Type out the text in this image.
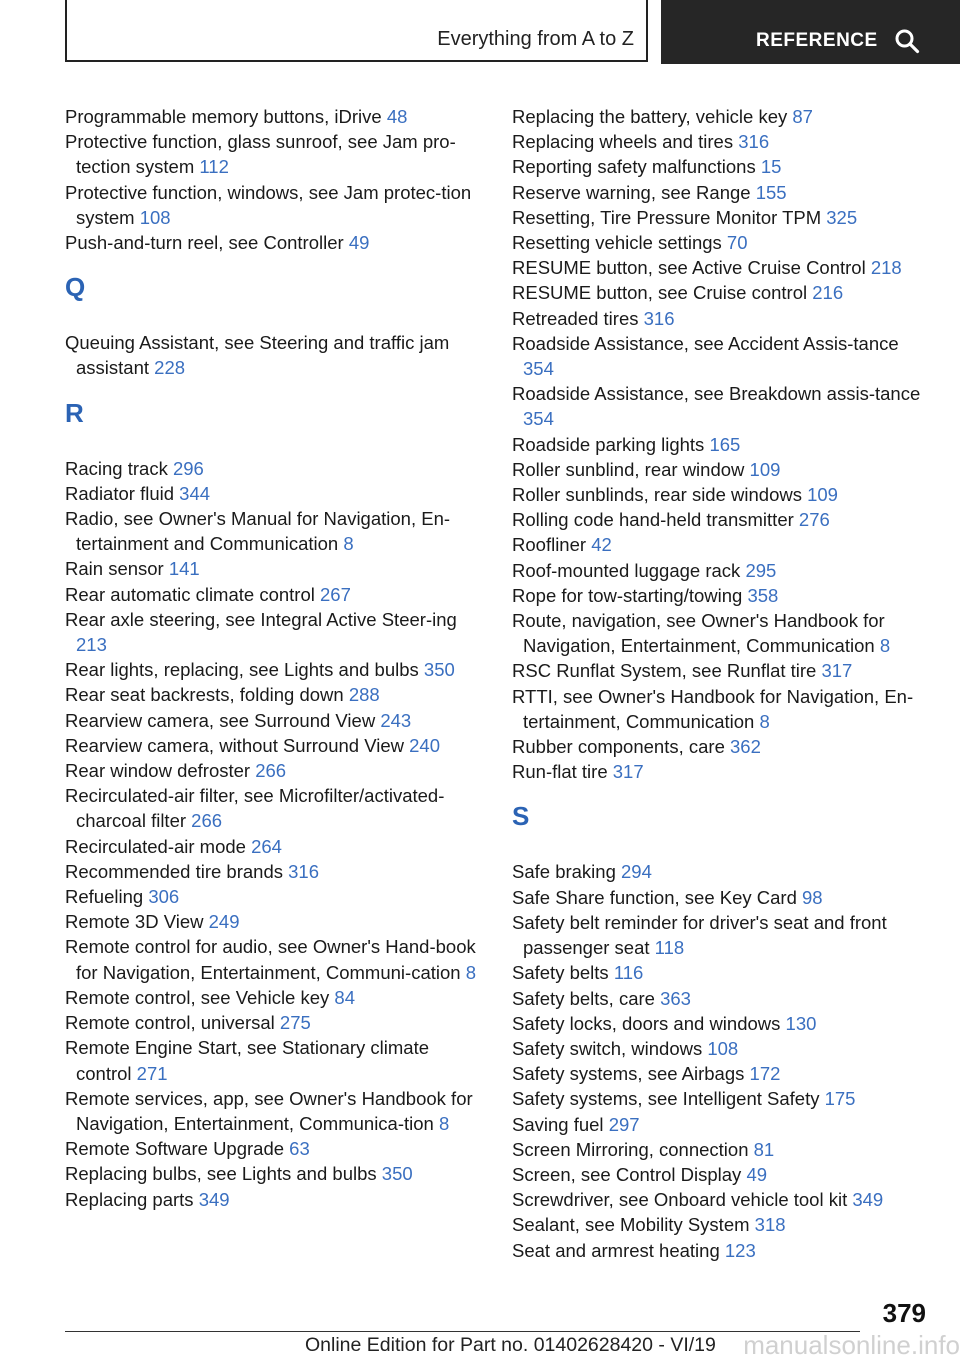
Everything from A to Z	REFERENCE
Programmable memory buttons, iDrive 48
Protective function, glass sunroof, see Jam pro-tection system 112
Protective function, windows, see Jam protec-tion system 108
Push-and-turn reel, see Controller 49
Q
Queuing Assistant, see Steering and traffic jam assistant 228
R
Racing track 296
Radiator fluid 344
Radio, see Owner's Manual for Navigation, En-tertainment and Communication 8
Rain sensor 141
Rear automatic climate control 267
Rear axle steering, see Integral Active Steer-ing 213
Rear lights, replacing, see Lights and bulbs 350
Rear seat backrests, folding down 288
Rearview camera, see Surround View 243
Rearview camera, without Surround View 240
Rear window defroster 266
Recirculated-air filter, see Microfilter/activated-charcoal filter 266
Recirculated-air mode 264
Recommended tire brands 316
Refueling 306
Remote 3D View 249
Remote control for audio, see Owner's Hand-book for Navigation, Entertainment, Communi-cation 8
Remote control, see Vehicle key 84
Remote control, universal 275
Remote Engine Start, see Stationary climate control 271
Remote services, app, see Owner's Handbook for Navigation, Entertainment, Communica-tion 8
Remote Software Upgrade 63
Replacing bulbs, see Lights and bulbs 350
Replacing parts 349
Replacing the battery, vehicle key 87
Replacing wheels and tires 316
Reporting safety malfunctions 15
Reserve warning, see Range 155
Resetting, Tire Pressure Monitor TPM 325
Resetting vehicle settings 70
RESUME button, see Active Cruise Control 218
RESUME button, see Cruise control 216
Retreaded tires 316
Roadside Assistance, see Accident Assis-tance 354
Roadside Assistance, see Breakdown assis-tance 354
Roadside parking lights 165
Roller sunblind, rear window 109
Roller sunblinds, rear side windows 109
Rolling code hand-held transmitter 276
Roofliner 42
Roof-mounted luggage rack 295
Rope for tow-starting/towing 358
Route, navigation, see Owner's Handbook for Navigation, Entertainment, Communication 8
RSC Runflat System, see Runflat tire 317
RTTI, see Owner's Handbook for Navigation, En-tertainment, Communication 8
Rubber components, care 362
Run-flat tire 317
S
Safe braking 294
Safe Share function, see Key Card 98
Safety belt reminder for driver's seat and front passenger seat 118
Safety belts 116
Safety belts, care 363
Safety locks, doors and windows 130
Safety switch, windows 108
Safety systems, see Airbags 172
Safety systems, see Intelligent Safety 175
Saving fuel 297
Screen Mirroring, connection 81
Screen, see Control Display 49
Screwdriver, see Onboard vehicle tool kit 349
Sealant, see Mobility System 318
Seat and armrest heating 123
379
Online Edition for Part no. 01402628420 - VI/19 manualsonline.info
